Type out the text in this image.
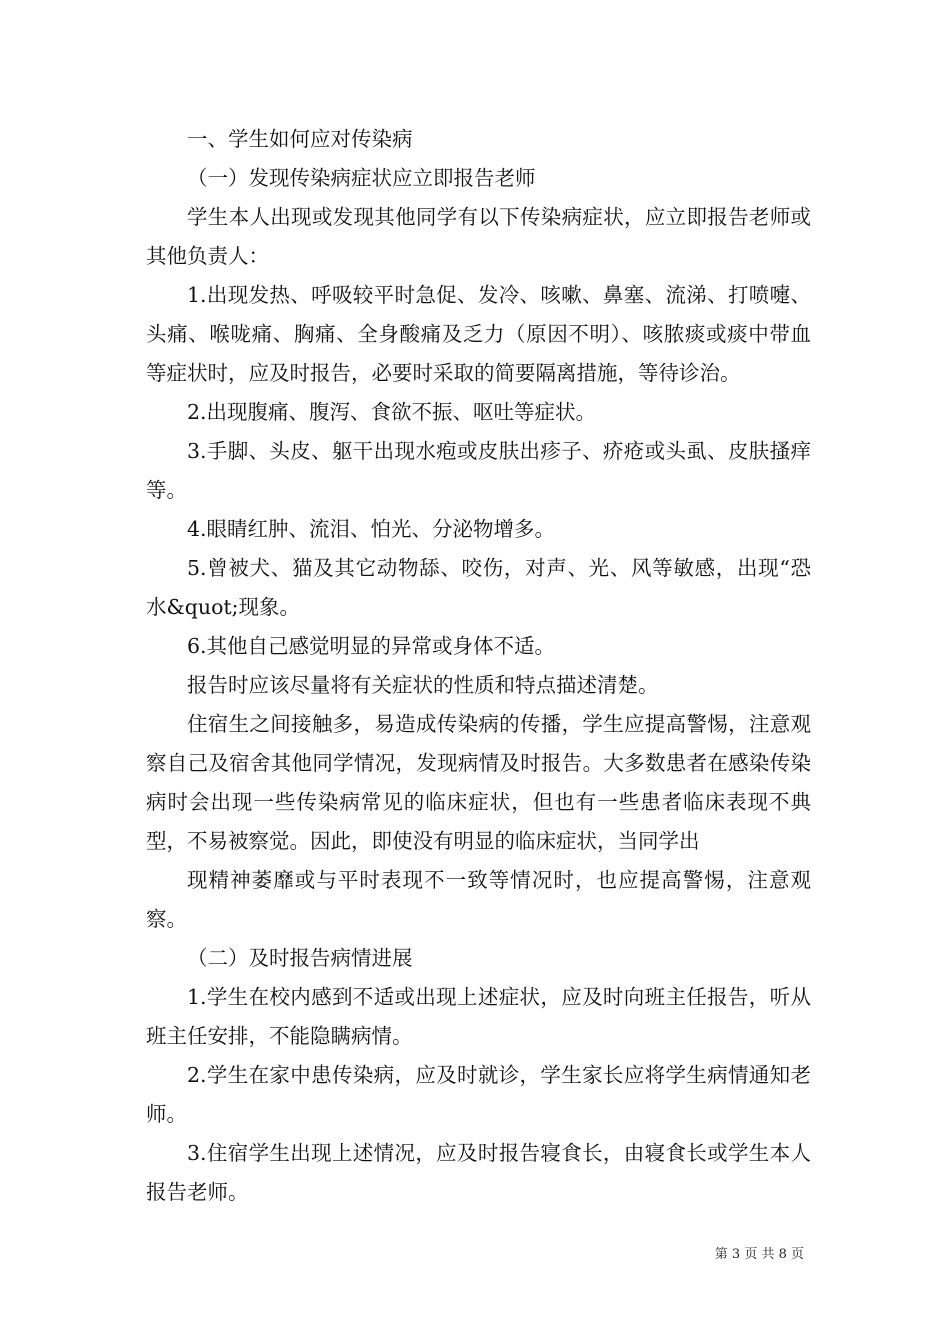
一、学生如何应对传染病

（一）发现传染病症状应立即报告老师

学生本人出现或发现其他同学有以下传染病症状，应立即报告老师或其他负责人：

1.出现发热、呼吸较平时急促、发冷、咳嗽、鼻塞、流涕、打喷嚏、头痛、喉咙痛、胸痛、全身酸痛及乏力（原因不明）、咳脓痰或痰中带血等症状时，应及时报告，必要时采取的简要隔离措施，等待诊治。

2.出现腹痛、腹泻、食欲不振、呕吐等症状。

3.手脚、头皮、躯干出现水疱或皮肤出疹子、疥疮或头虱、皮肤搔痒等。

4.眼睛红肿、流泪、怕光、分泌物增多。

5.曾被犬、猫及其它动物舔、咬伤，对声、光、风等敏感，出现“恐水&quot;现象。

6.其他自己感觉明显的异常或身体不适。

报告时应该尽量将有关症状的性质和特点描述清楚。

住宿生之间接触多，易造成传染病的传播，学生应提高警惕，注意观察自己及宿舍其他同学情况，发现病情及时报告。大多数患者在感染传染病时会出现一些传染病常见的临床症状，但也有一些患者临床表现不典型，不易被察觉。因此，即使没有明显的临床症状，当同学出

现精神萎靡或与平时表现不一致等情况时，也应提高警惕，注意观察。

（二）及时报告病情进展

1.学生在校内感到不适或出现上述症状，应及时向班主任报告，听从班主任安排，不能隐瞒病情。

2.学生在家中患传染病，应及时就诊，学生家长应将学生病情通知老师。

3.住宿学生出现上述情况，应及时报告寝食长，由寝食长或学生本人报告老师。

第 3 页 共 8 页
